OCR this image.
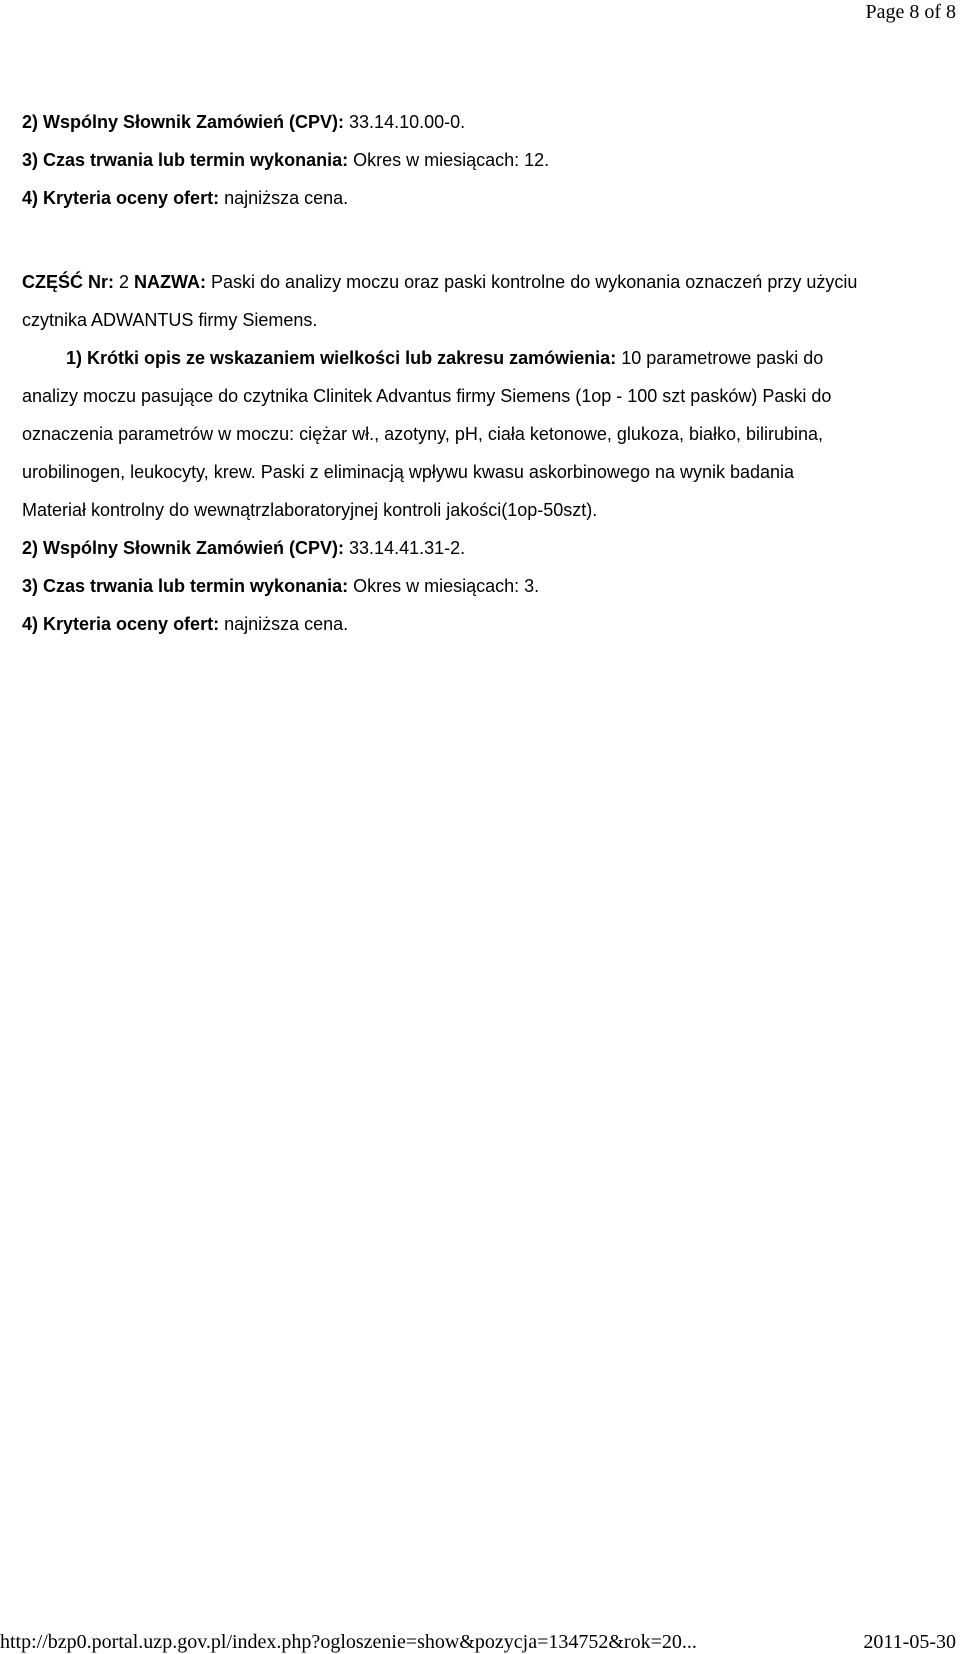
Page 8 of 8
2) Wspólny Słownik Zamówień (CPV): 33.14.10.00-0.
3) Czas trwania lub termin wykonania: Okres w miesiącach: 12.
4) Kryteria oceny ofert: najniższa cena.
CZĘŚĆ Nr: 2 NAZWA: Paski do analizy moczu oraz paski kontrolne do wykonania oznaczeń przy użyciu
czytnika ADWANTUS firmy Siemens.
1) Krótki opis ze wskazaniem wielkości lub zakresu zamówienia: 10 parametrowe paski do
analizy moczu pasujące do czytnika Clinitek Advantus firmy Siemens (1op - 100 szt pasków) Paski do
oznaczenia parametrów w moczu: ciężar wł., azotyny, pH, ciała ketonowe, glukoza, białko, bilirubina,
urobilinogen, leukocyty, krew. Paski z eliminacją wpływu kwasu askorbinowego na wynik badania
Materiał kontrolny do wewnątrzlaboratoryjnej kontroli jakości(1op-50szt).
2) Wspólny Słownik Zamówień (CPV): 33.14.41.31-2.
3) Czas trwania lub termin wykonania: Okres w miesiącach: 3.
4) Kryteria oceny ofert: najniższa cena.
http://bzp0.portal.uzp.gov.pl/index.php?ogloszenie=show&pozycja=134752&rok=20...	2011-05-30
